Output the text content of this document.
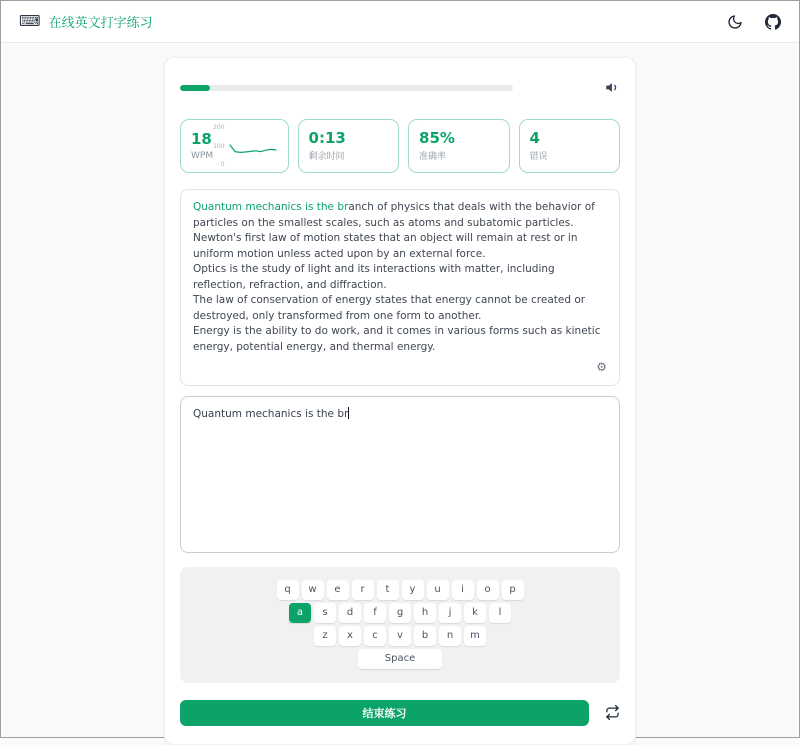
⌨ 在线英文打字练习
18
WPM
200
100
0
0:13
剩余时间
85%
准确率
4
错误
Quantum mechanics is the branch of physics that deals with the behavior of particles on the smallest scales, such as atoms and subatomic particles.
Newton's first law of motion states that an object will remain at rest or in uniform motion unless acted upon by an external force.
Optics is the study of light and its interactions with matter, including reflection, refraction, and diffraction.
The law of conservation of energy states that energy cannot be created or destroyed, only transformed from one form to another.
Energy is the ability to do work, and it comes in various forms such as kinetic energy, potential energy, and thermal energy.
⚙
Quantum mechanics is the br
q	w	e	r	t	y	u	i	o	p
a	s	d	f	g	h	j	k	l
z	x	c	v	b	n	m
Space
结束练习
